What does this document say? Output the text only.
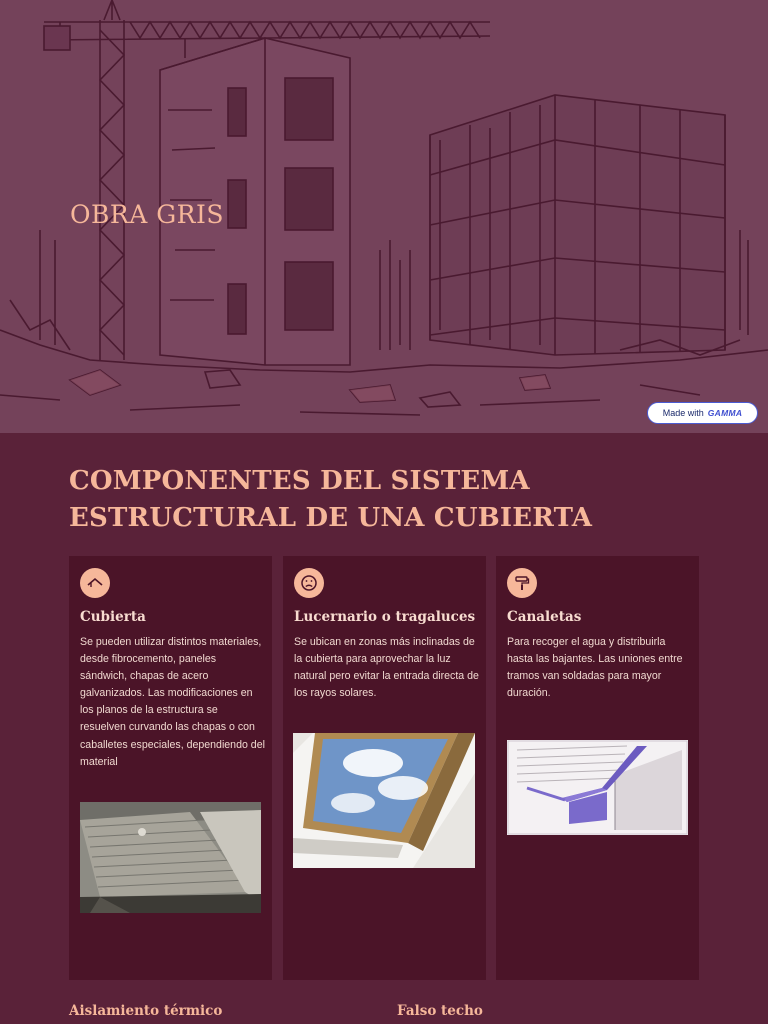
OBRA GRIS
Made with GAMMA
COMPONENTES DEL SISTEMA
ESTRUCTURAL DE UNA CUBIERTA
Cubierta
Se pueden utilizar distintos materiales, desde fibrocemento, paneles sándwich, chapas de acero galvanizados. Las modificaciones en los planos de la estructura se resuelven curvando las chapas o con caballetes especiales, dependiendo del material
Lucernario o tragaluces
Se ubican en zonas más inclinadas de la cubierta para aprovechar la luz natural pero evitar la entrada directa de los rayos solares.
Canaletas
Para recoger el agua y distribuirla hasta las bajantes. Las uniones entre tramos van soldadas para mayor duración.
Aislamiento térmico	Falso techo
